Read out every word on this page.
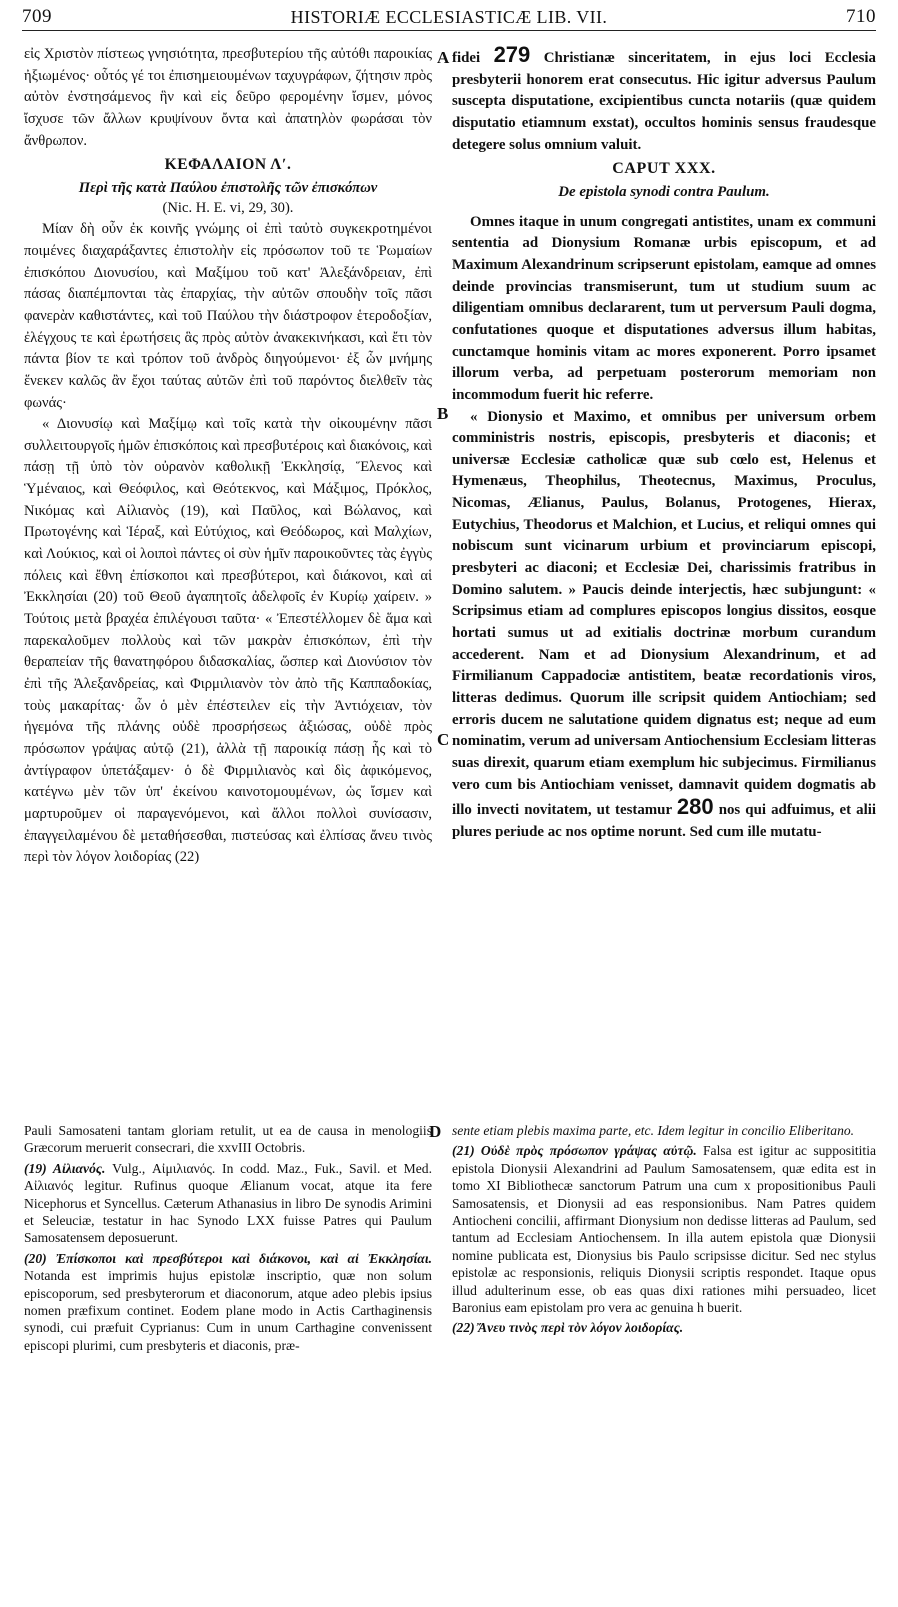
709	HISTORIÆ ECCLESIASTICÆ LIB. VII.	710

εἰς Χριστὸν πίστεως γνησιότητα, πρεσβυτερίου τῆς αὐτόθι παροικίας ἠξιωμένος· οὗτός γέ τοι ἐπισημειουμένων ταχυγράφων, ζήτησιν πρὸς αὐτὸν ἐνστησάμενος ἣν καὶ εἰς δεῦρο φερομένην ἴσμεν, μόνος ἴσχυσε τῶν ἄλλων κρυψίνουν ὄντα καὶ ἀπατηλὸν φωράσαι τὸν ἄνθρωπον.

ΚΕΦΑΛΑΙΟΝ Λʹ.
Περὶ τῆς κατὰ Παύλου ἐπιστολῆς τῶν ἐπισκόπων
(Nic. H. E. vi, 29, 30).

Μίαν δὴ οὖν ἐκ κοινῆς γνώμης οἱ ἐπὶ ταὐτὸ συγκεκροτημένοι ποιμένες διαχαράξαντες ἐπιστολὴν εἰς πρόσωπον τοῦ τε Ῥωμαίων ἐπισκόπου Διονυσίου, καὶ Μαξίμου τοῦ κατ' Ἀλεξάνδρειαν, ἐπὶ πάσας διαπέμπονται τὰς ἐπαρχίας, τὴν αὐτῶν σπουδὴν τοῖς πᾶσι φανερὰν καθιστάντες, καὶ τοῦ Παύλου τὴν διάστροφον ἑτεροδοξίαν, ἐλέγχους τε καὶ ἐρωτήσεις ἃς πρὸς αὐτὸν ἀνακεκινήκασι, καὶ ἔτι τὸν πάντα βίον τε καὶ τρόπον τοῦ ἀνδρὸς διηγούμενοι· ἐξ ὧν μνήμης ἕνεκεν καλῶς ἂν ἔχοι ταύτας αὐτῶν ἐπὶ τοῦ παρόντος διελθεῖν τὰς φωνάς·

« Διονυσίῳ καὶ Μαξίμῳ καὶ τοῖς κατὰ τὴν οἰκουμένην πᾶσι συλλειτουργοῖς ἡμῶν ἐπισκόποις καὶ πρεσβυτέροις καὶ διακόνοις, καὶ πάσῃ τῇ ὑπὸ τὸν οὐρανὸν καθολικῇ Ἐκκλησίᾳ, Ἕλενος καὶ Ὑμέναιος, καὶ Θεόφιλος, καὶ Θεότεκνος, καὶ Μάξιμος, Πρόκλος, Νικόμας καὶ Αἰλιανὸς (19), καὶ Παῦλος, καὶ Βώλανος, καὶ Πρωτογένης καὶ Ἱέραξ, καὶ Εὐτύχιος, καὶ Θεόδωρος, καὶ Μαλχίων, καὶ Λούκιος, καὶ οἱ λοιποὶ πάντες οἱ σὺν ἡμῖν παροικοῦντες τὰς ἐγγὺς πόλεις καὶ ἔθνη ἐπίσκοποι καὶ πρεσβύτεροι, καὶ διάκονοι, καὶ αἱ Ἐκκλησίαι (20) τοῦ Θεοῦ ἀγαπητοῖς ἀδελφοῖς ἐν Κυρίῳ χαίρειν. » Τούτοις μετὰ βραχέα ἐπιλέγουσι ταῦτα· « Ἐπεστέλλομεν δὲ ἅμα καὶ παρεκαλοῦμεν πολλοὺς καὶ τῶν μακρὰν ἐπισκόπων, ἐπὶ τὴν θεραπείαν τῆς θανατηφόρου διδασκαλίας, ὥσπερ καὶ Διονύσιον τὸν ἐπὶ τῆς Ἀλεξανδρείας, καὶ Φιρμιλιανὸν τὸν ἀπὸ τῆς Καππαδοκίας, τοὺς μακαρίτας· ὧν ὁ μὲν ἐπέστειλεν εἰς τὴν Ἀντιόχειαν, τὸν ἡγεμόνα τῆς πλάνης οὐδὲ προσρήσεως ἀξιώσας, οὐδὲ πρὸς πρόσωπον γράψας αὐτῷ (21), ἀλλὰ τῇ παροικίᾳ πάσῃ ἧς καὶ τὸ ἀντίγραφον ὑπετάξαμεν· ὁ δὲ Φιρμιλιανὸς καὶ δὶς ἀφικόμενος, κατέγνω μὲν τῶν ὑπ' ἐκείνου καινοτομουμένων, ὡς ἴσμεν καὶ μαρτυροῦμεν οἱ παραγενόμενοι, καὶ ἄλλοι πολλοὶ συνίσασιν, ἐπαγγειλαμένου δὲ μεταθήσεσθαι, πιστεύσας καὶ ἐλπίσας ἄνευ τινὸς περὶ τὸν λόγον λοιδορίας (22)

A
B
C
D

fidei 279 Christianæ sinceritatem, in ejus loci Ecclesia presbyterii honorem erat consecutus. Hic igitur adversus Paulum suscepta disputatione, excipientibus cuncta notariis (quæ quidem disputatio etiamnum exstat), occultos hominis sensus fraudesque detegere solus omnium valuit.

CAPUT XXX.
De epistola synodi contra Paulum.

Omnes itaque in unum congregati antistites, unam ex communi sententia ad Dionysium Romanæ urbis episcopum, et ad Maximum Alexandrinum scripserunt epistolam, eamque ad omnes deinde provincias transmiserunt, tum ut studium suum ac diligentiam omnibus declararent, tum ut perversum Pauli dogma, confutationes quoque et disputationes adversus illum habitas, cunctamque hominis vitam ac mores exponerent. Porro ipsamet illorum verba, ad perpetuam posterorum memoriam non incommodum fuerit hic referre.

« Dionysio et Maximo, et omnibus per universum orbem comministris nostris, episcopis, presbyteris et diaconis; et universæ Ecclesiæ catholicæ quæ sub cœlo est, Helenus et Hymenæus, Theophilus, Theotecnus, Maximus, Proculus, Nicomas, Ælianus, Paulus, Bolanus, Protogenes, Hierax, Eutychius, Theodorus et Malchion, et Lucius, et reliqui omnes qui nobiscum sunt vicinarum urbium et provinciarum episcopi, presbyteri ac diaconi; et Ecclesiæ Dei, charissimis fratribus in Domino salutem. » Paucis deinde interjectis, hæc subjungunt: « Scripsimus etiam ad complures episcopos longius dissitos, eosque hortati sumus ut ad exitialis doctrinæ morbum curandum accederent. Nam et ad Dionysium Alexandrinum, et ad Firmilianum Cappadociæ antistitem, beatæ recordationis viros, litteras dedimus. Quorum ille scripsit quidem Antiochiam; sed erroris ducem ne salutatione quidem dignatus est; neque ad eum nominatim, verum ad universam Antiochensium Ecclesiam litteras suas direxit, quarum etiam exemplum hic subjecimus. Firmilianus vero cum bis Antiochiam venisset, damnavit quidem dogmatis ab illo invecti novitatem, ut testamur 280 nos qui adfuimus, et alii plures periude ac nos optime norunt. Sed cum ille mutatu-

Pauli Samosateni tantam gloriam retulit, ut ea de causa in menologiis Græcorum meruerit consecrari, die xxvIII Octobris.

(19) Αἰλιανός. Vulg., Αἰμιλιανός. In codd. Maz., Fuk., Savil. et Med. Αἰλιανός legitur. Rufinus quoque Ælianum vocat, atque ita fere Nicephorus et Syncellus. Cæterum Athanasius in libro De synodis Arimini et Seleuciæ, testatur in hac Synodo LXX fuisse Patres qui Paulum Samosatensem deposuerunt.

(20) Ἐπίσκοποι καὶ πρεσβύτεροι καὶ διάκονοι, καὶ αἱ Ἐκκλησίαι. Notanda est imprimis hujus epistolæ inscriptio, quæ non solum episcoporum, sed presbyterorum et diaconorum, atque adeo plebis ipsius nomen præfixum continet. Eodem plane modo in Actis Carthaginensis synodi, cui præfuit Cyprianus: Cum in unum Carthagine convenissent episcopi plurimi, cum presbyteris et diaconis, præ-

sente etiam plebis maxima parte, etc. Idem legitur in concilio Eliberitano.

(21) Οὐδὲ πρὸς πρόσωπον γράψας αὐτῷ. Falsa est igitur ac supposititia epistola Dionysii Alexandrini ad Paulum Samosatensem, quæ edita est in tomo XI Bibliothecæ sanctorum Patrum una cum x propositionibus Pauli Samosatensis, et Dionysii ad eas responsionibus. Nam Patres quidem Antiocheni concilii, affirmant Dionysium non dedisse litteras ad Paulum, sed tantum ad Ecclesiam Antiochensem. In illa autem epistola quæ Dionysii nomine publicata est, Dionysius bis Paulo scripsisse dicitur. Sed nec stylus epistolæ ac responsionis, reliquis Dionysii scriptis respondet. Itaque opus illud adulterinum esse, ob eas quas dixi rationes mihi persuadeo, licet Baronius eam epistolam pro vera ac genuina h buerit.

(22) Ἄνευ τινὸς περὶ τὸν λόγον λοιδορίας.
